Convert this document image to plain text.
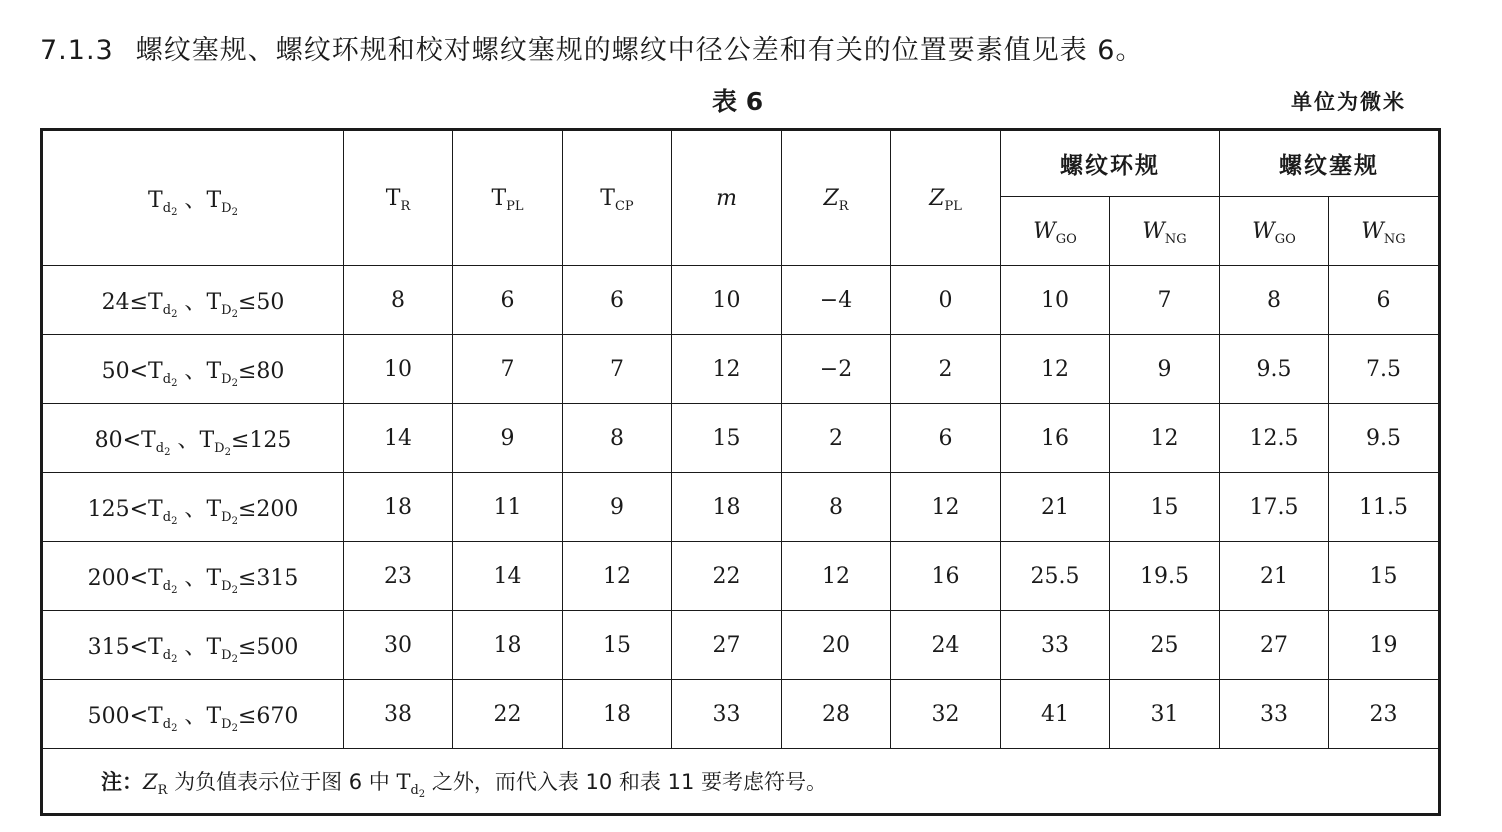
7.1.3 螺纹塞规、螺纹环规和校对螺纹塞规的螺纹中径公差和有关的位置要素值见表 6。
表 6	单位为微米
$T_{d_2}$ 、$T_{D_2}$	$T_R$	$T_{PL}$	$T_{CP}$	m	$Z_R$	$Z_{PL}$	螺纹环规		螺纹塞规	
							$W_{GO}$	$W_{NG}$	$W_{GO}$	$W_{NG}$
$24\le T_{d_2}$ 、$T_{D_2}\le 50$	8	6	6	10	−4	0	10	7	8	6
$50<T_{d_2}$ 、$T_{D_2}\le 80$	10	7	7	12	−2	2	12	9	9.5	7.5
$80<T_{d_2}$ 、$T_{D_2}\le 125$	14	9	8	15	2	6	16	12	12.5	9.5
$125<T_{d_2}$ 、$T_{D_2}\le 200$	18	11	9	18	8	12	21	15	17.5	11.5
$200<T_{d_2}$ 、$T_{D_2}\le 315$	23	14	12	22	12	16	25.5	19.5	21	15
$315<T_{d_2}$ 、$T_{D_2}\le 500$	30	18	15	27	20	24	33	25	27	19
$500<T_{d_2}$ 、$T_{D_2}\le 670$	38	22	18	33	28	32	41	31	33	23
注：$Z_R$ 为负值表示位于图 6 中 $T_{d_2}$ 之外，而代入表 10 和表 11 要考虑符号。										
